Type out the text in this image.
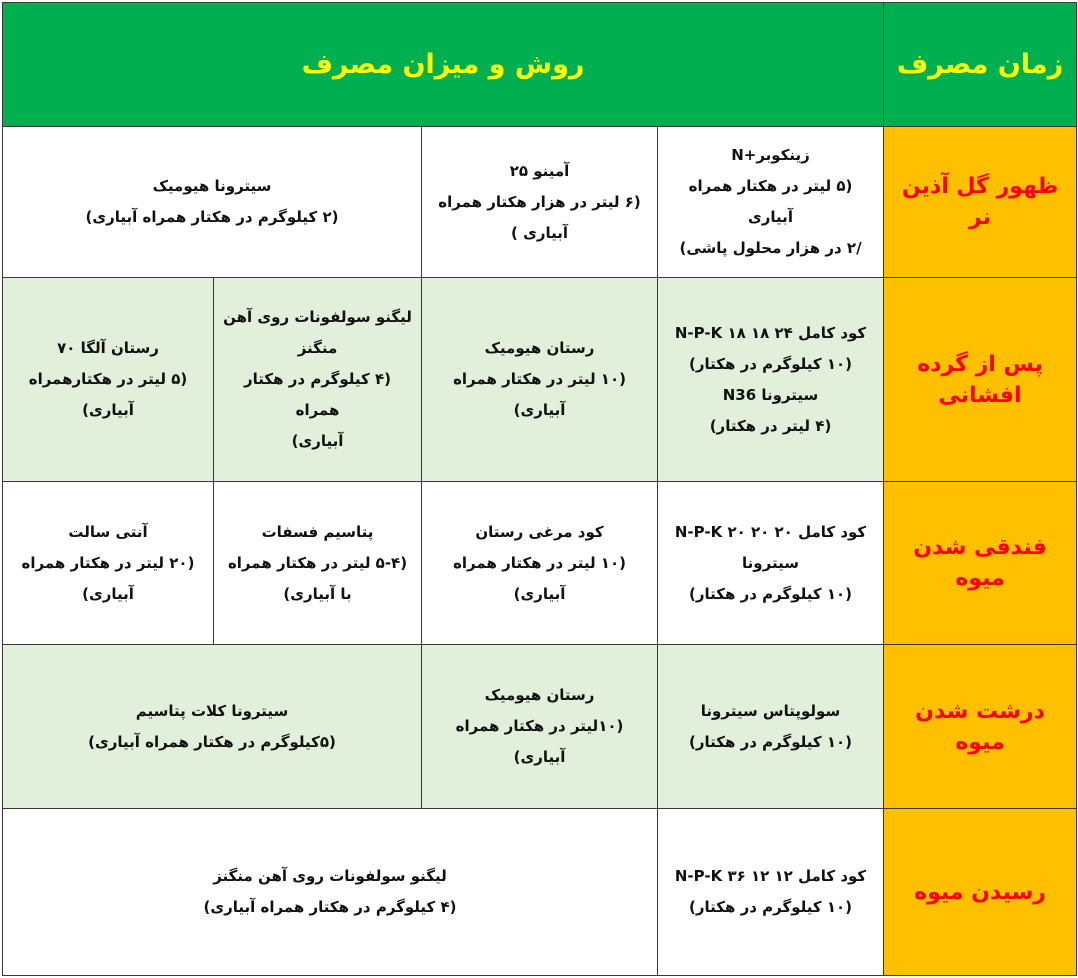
زمان مصرف	روش و میزان مصرف			
ظهور گل آذین نر	زینکوبر+N
(۵ لیتر در هکتار همراه آبیاری
/۲ در هزار محلول پاشی)	آمینو ۲۵
(۶ لیتر در هزار هکتار همراه
آبیاری )	سیترونا هیومیک
(۲ کیلوگرم در هکتار همراه آبیاری)	

پس از گرده افشانی	کود کامل N-P-K ۱۸ ۱۸ ۲۴
(۱۰ کیلوگرم در هکتار)
سیترونا N36
(۴ لیتر در هکتار)	رستان هیومیک
(۱۰ لیتر در هکتار همراه
آبیاری)	لیگنو سولفونات روی آهن
منگنز
(۴ کیلوگرم در هکتار همراه
آبیاری)	رستان آلگا ۷۰
(۵ لیتر در هکتارهمراه
آبیاری)

فندقی شدن میوه	کود کامل N-P-K ۲۰ ۲۰ ۲۰
سیترونا
(۱۰ کیلوگرم در هکتار)	کود مرغی رستان
(۱۰ لیتر در هکتار همراه
آبیاری)	پتاسیم فسفات
(۵-۴ لیتر در هکتار همراه
با آبیاری)	آنتی سالت
(۲۰ لیتر در هکتار همراه
آبیاری)

درشت شدن میوه	سولوپتاس سیترونا
(۱۰ کیلوگرم در هکتار)	رستان هیومیک
(۱۰لیتر در هکتار همراه
آبیاری)	سیترونا کلات پتاسیم
(۵کیلوگرم در هکتار همراه آبیاری)	

رسیدن میوه	کود کامل N-P-K ۳۶ ۱۲ ۱۲
(۱۰ کیلوگرم در هکتار)	لیگنو سولفونات روی آهن منگنز
(۴ کیلوگرم در هکتار همراه آبیاری)		
